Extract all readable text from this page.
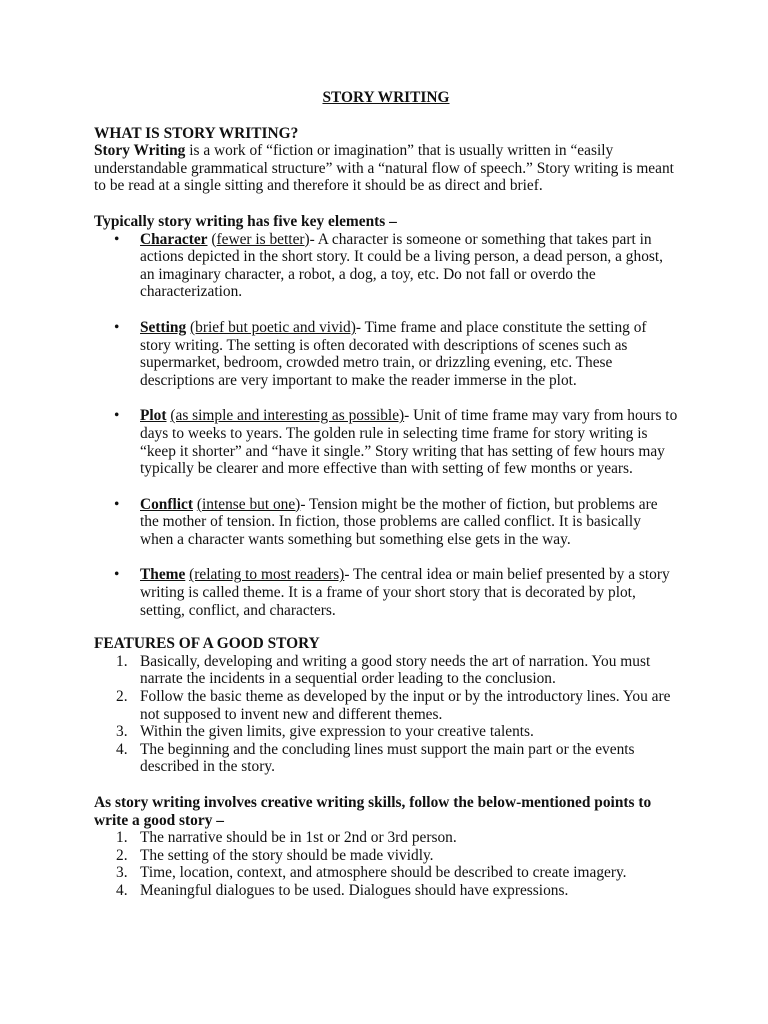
STORY WRITING
WHAT IS STORY WRITING?

Story Writing is a work of “fiction or imagination” that is usually written in “easily understandable grammatical structure” with a “natural flow of speech.” Story writing is meant to be read at a single sitting and therefore it should be as direct and brief.

Typically story writing has five key elements –
• Character (fewer is better)- A character is someone or something that takes part in actions depicted in the short story. It could be a living person, a dead person, a ghost, an imaginary character, a robot, a dog, a toy, etc. Do not fall or overdo the characterization.
• Setting (brief but poetic and vivid)- Time frame and place constitute the setting of story writing. The setting is often decorated with descriptions of scenes such as supermarket, bedroom, crowded metro train, or drizzling evening, etc. These descriptions are very important to make the reader immerse in the plot.
• Plot (as simple and interesting as possible)- Unit of time frame may vary from hours to days to weeks to years. The golden rule in selecting time frame for story writing is “keep it shorter” and “have it single.” Story writing that has setting of few hours may typically be clearer and more effective than with setting of few months or years.
• Conflict (intense but one)- Tension might be the mother of fiction, but problems are the mother of tension. In fiction, those problems are called conflict. It is basically when a character wants something but something else gets in the way.
• Theme (relating to most readers)- The central idea or main belief presented by a story writing is called theme. It is a frame of your short story that is decorated by plot, setting, conflict, and characters.
FEATURES OF A GOOD STORY
1. Basically, developing and writing a good story needs the art of narration. You must narrate the incidents in a sequential order leading to the conclusion.
2. Follow the basic theme as developed by the input or by the introductory lines. You are not supposed to invent new and different themes.
3. Within the given limits, give expression to your creative talents.
4. The beginning and the concluding lines must support the main part or the events described in the story.
As story writing involves creative writing skills, follow the below-mentioned points to write a good story –
1. The narrative should be in 1st or 2nd or 3rd person.
2. The setting of the story should be made vividly.
3. Time, location, context, and atmosphere should be described to create imagery.
4. Meaningful dialogues to be used. Dialogues should have expressions.
